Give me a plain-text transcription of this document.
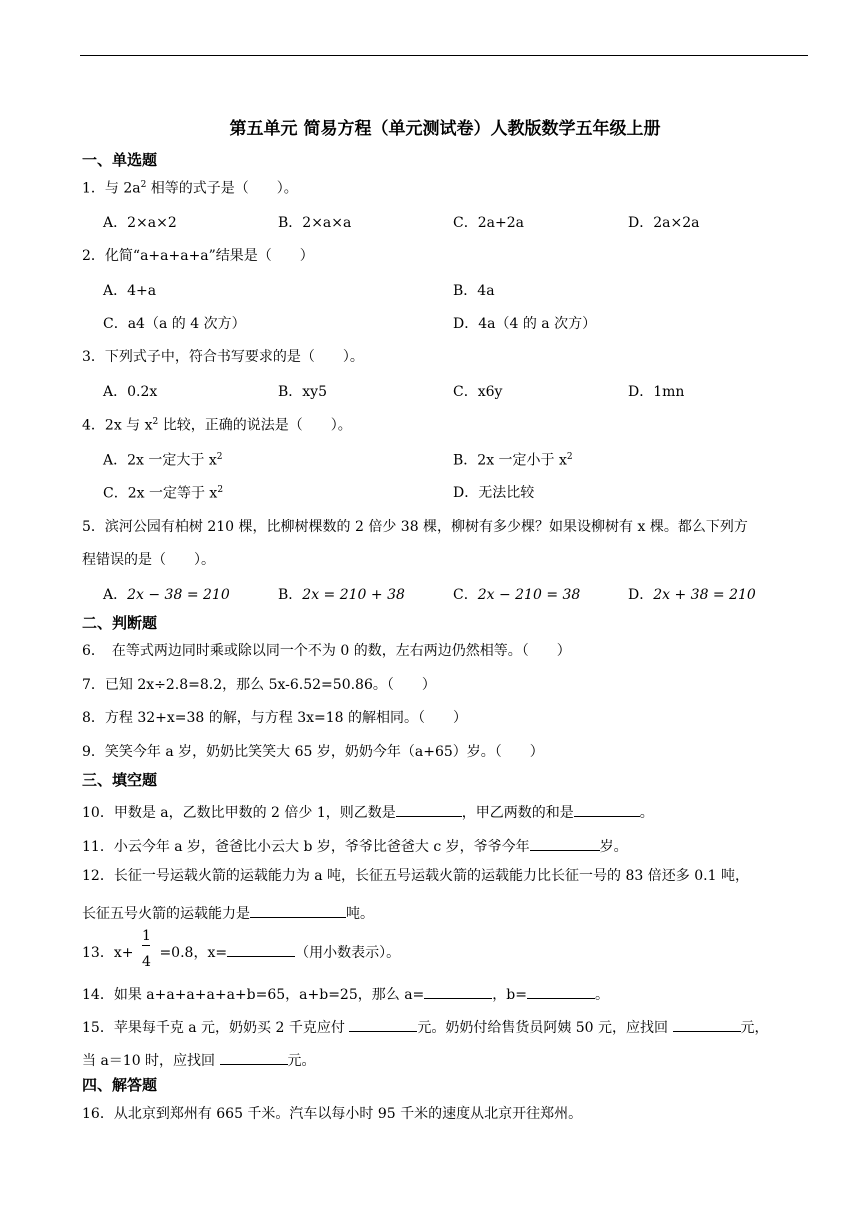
第五单元 简易方程（单元测试卷）人教版数学五年级上册
一、单选题
1．与 $2a^2$ 相等的式子是（　　）。
A．2×a×2	B．2×a×a	C．2a+2a	D．2a×2a
2．化简“a+a+a+a”结果是（　　）
A．4+a	B．4a
C．a4（a 的 4 次方）	D．4a（4 的 a 次方）
3．下列式子中，符合书写要求的是（　　）。
A．0.2x	B．xy5	C．x6y	D．1mn
4．2x 与 $x^2$ 比较，正确的说法是（　　）。
A．2x 一定大于 $x^2$	B．2x 一定小于 $x^2$
C．2x 一定等于 $x^2$	D．无法比较
5．滨河公园有柏树 210 棵，比柳树棵数的 2 倍少 38 棵，柳树有多少棵？如果设柳树有 x 棵。都么下列方
程错误的是（　　）。
A．2x − 38 = 210	B．2x = 210 + 38	C．2x − 210 = 38	D．2x + 38 = 210
二、判断题
6．　在等式两边同时乘或除以同一个不为 0 的数，左右两边仍然相等。（　　）
7．已知 2x÷2.8=8.2，那么 5x-6.52=50.86。（　　）
8．方程 32+x=38 的解，与方程 3x=18 的解相同。（　　）
9．笑笑今年 a 岁，奶奶比笑笑大 65 岁，奶奶今年（a+65）岁。（　　）
三、填空题
10．甲数是 a，乙数比甲数的 2 倍少 1，则乙数是	，甲乙两数的和是	。
11．小云今年 a 岁，爸爸比小云大 b 岁，爷爷比爸爸大 c 岁，爷爷今年	岁。
12．长征一号运载火箭的运载能力为 a 吨，长征五号运载火箭的运载能力比长征一号的 83 倍还多 0.1 吨，
长征五号火箭的运载能力是	吨。
13．x+ =0.8，x=	（用小数表示）。
1
4
14．如果 a+a+a+a+a+b=65，a+b=25，那么 a=	，b=	。
15．苹果每千克 a 元，奶奶买 2 千克应付	元。奶奶付给售货员阿姨 50 元，应找回	元，
当 a＝10 时，应找回	元。
四、解答题
16．从北京到郑州有 665 千米。汽车以每小时 95 千米的速度从北京开往郑州。
